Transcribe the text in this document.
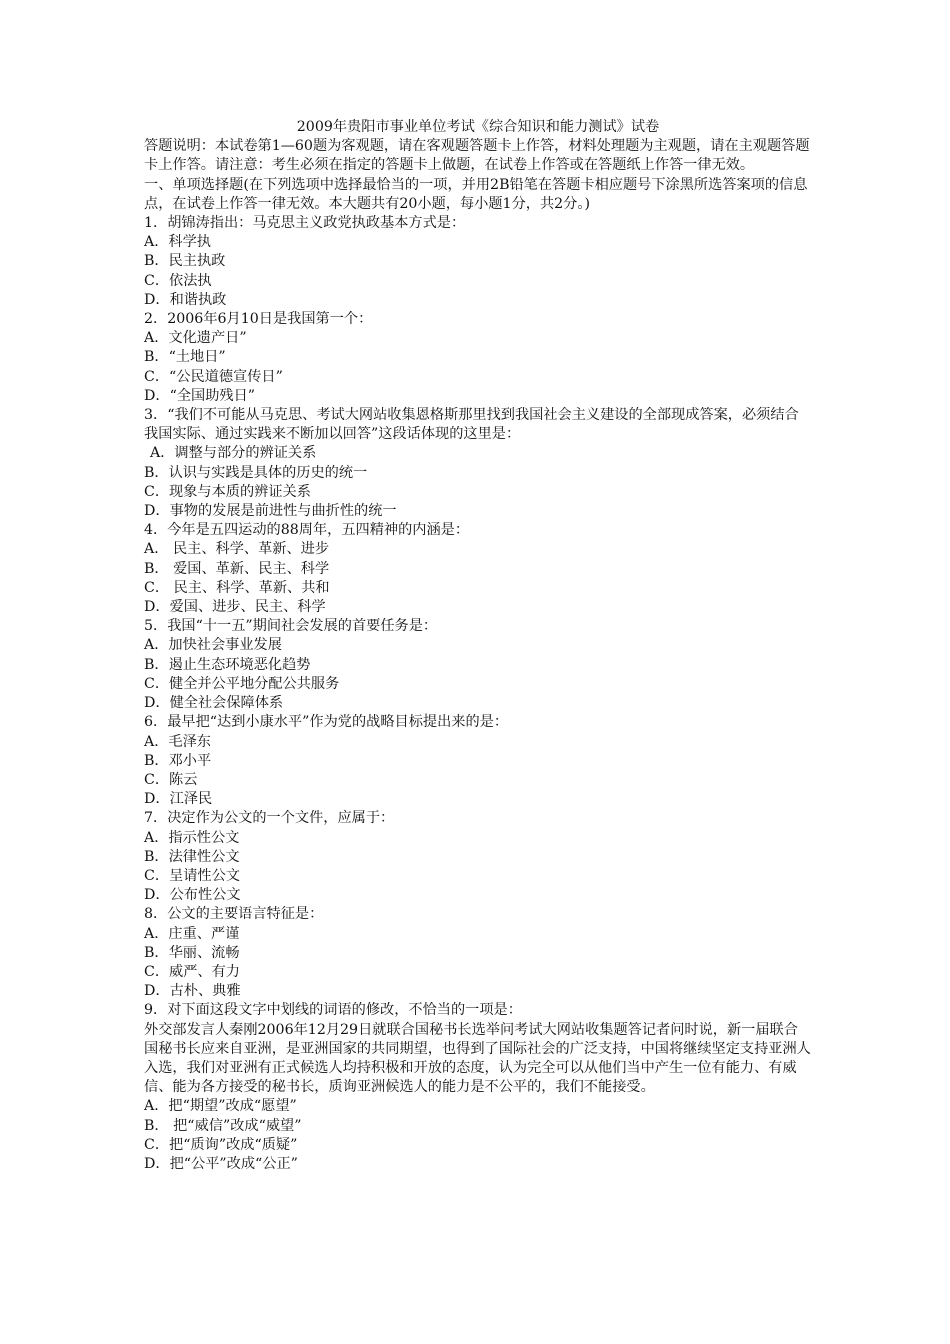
2009年贵阳市事业单位考试《综合知识和能力测试》试卷

答题说明：本试卷第1—60题为客观题，请在客观题答题卡上作答，材料处理题为主观题，请在主观题答题卡上作答。请注意：考生必须在指定的答题卡上做题，在试卷上作答或在答题纸上作答一律无效。

一、单项选择题(在下列选项中选择最恰当的一项，并用2B铅笔在答题卡相应题号下涂黑所选答案项的信息点，在试卷上作答一律无效。本大题共有20小题，每小题1分，共2分。)

1．胡锦涛指出：马克思主义政党执政基本方式是：

A．科学执

B．民主执政

C．依法执

D．和谐执政

2．2006年6月10日是我国第一个：

A．文化遗产日”

B．“土地日”

C．“公民道德宣传日”

D．“全国助残日”

3．“我们不可能从马克思、考试大网站收集恩格斯那里找到我国社会主义建设的全部现成答案，必须结合我国实际、通过实践来不断加以回答”这段话体现的这里是：

A．调整与部分的辨证关系

B．认识与实践是具体的历史的统一

C．现象与本质的辨证关系

D．事物的发展是前进性与曲折性的统一

4．今年是五四运动的88周年，五四精神的内涵是：

A． 民主、科学、革新、进步

B． 爱国、革新、民主、科学

C． 民主、科学、革新、共和

D．爱国、进步、民主、科学

5．我国“十一五”期间社会发展的首要任务是：

A．加快社会事业发展

B．遏止生态环境恶化趋势

C．健全并公平地分配公共服务

D．健全社会保障体系

6．最早把“达到小康水平”作为党的战略目标提出来的是：

A．毛泽东

B．邓小平

C．陈云

D．江泽民

7．决定作为公文的一个文件，应属于：

A．指示性公文

B．法律性公文

C．呈请性公文

D．公布性公文

8．公文的主要语言特征是：

A．庄重、严谨

B．华丽、流畅

C．威严、有力

D．古朴、典雅

9．对下面这段文字中划线的词语的修改，不恰当的一项是：

外交部发言人秦刚2006年12月29日就联合国秘书长选举问考试大网站收集题答记者问时说，新一届联合国秘书长应来自亚洲，是亚洲国家的共同期望，也得到了国际社会的广泛支持，中国将继续坚定支持亚洲人入选，我们对亚洲有正式候选人均持积极和开放的态度，认为完全可以从他们当中产生一位有能力、有威信、能为各方接受的秘书长，质询亚洲候选人的能力是不公平的，我们不能接受。

A．把“期望”改成“愿望”

B． 把“威信”改成“威望”

C．把“质询”改成“质疑”

D．把“公平”改成“公正”
